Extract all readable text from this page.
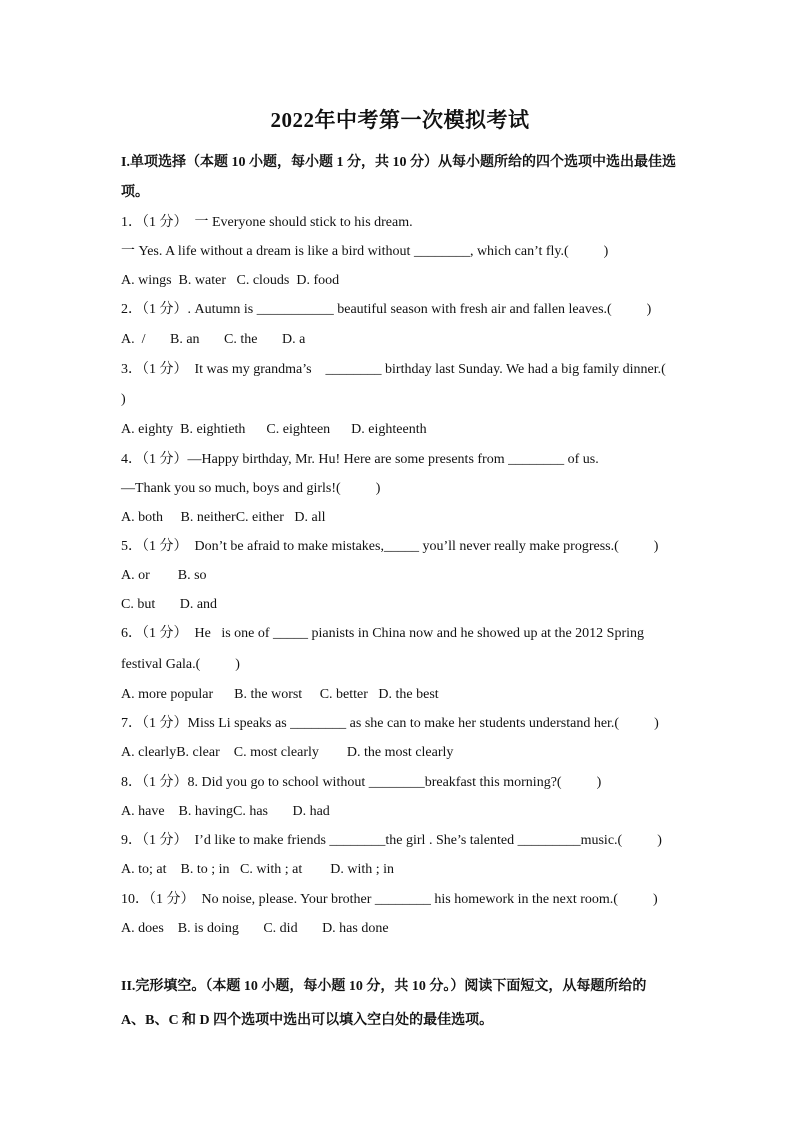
2022年中考第一次模拟考试
I.单项选择（本题 10 小题，每小题 1 分，共 10 分）从每小题所给的四个选项中选出最佳选
项。
1．（1 分）  一 Everyone should stick to his dream.
一 Yes. A life without a dream is like a bird without ________, which can’t fly.(          )
A. wings  B. water   C. clouds  D. food
2．（1 分）. Autumn is ___________ beautiful season with fresh air and fallen leaves.(          )
A.  /       B. an       C. the       D. a
3．（1 分）  It was my grandma’s    ________ birthday last Sunday. We had a big family dinner.(
)
A. eighty  B. eightieth      C. eighteen      D. eighteenth
4．（1 分）—Happy birthday, Mr. Hu! Here are some presents from ________ of us.
—Thank you so much, boys and girls!(          )
A. both     B. neitherC. either   D. all
5．（1 分）  Don’t be afraid to make mistakes,_____ you’ll never really make progress.(          )
A. or        B. so
C. but       D. and
6．（1 分）  He   is one of _____ pianists in China now and he showed up at the 2012 Spring
festival Gala.(          )
A. more popular      B. the worst     C. better   D. the best
7．（1 分）Miss Li speaks as ________ as she can to make her students understand her.(          )
A. clearlyB. clear    C. most clearly        D. the most clearly
8．（1 分）8. Did you go to school without ________breakfast this morning?(          )
A. have    B. havingC. has       D. had
9．（1 分）  I’d like to make friends ________the girl . She’s talented _________music.(          )
A. to; at    B. to ; in   C. with ; at        D. with ; in
10．（1 分）  No noise, please. Your brother ________ his homework in the next room.(          )
A. does    B. is doing       C. did       D. has done
II.完形填空。（本题 10 小题，每小题 10 分，共 10 分。）阅读下面短文，从每题所给的
A、B、C 和 D 四个选项中选出可以填入空白处的最佳选项。
